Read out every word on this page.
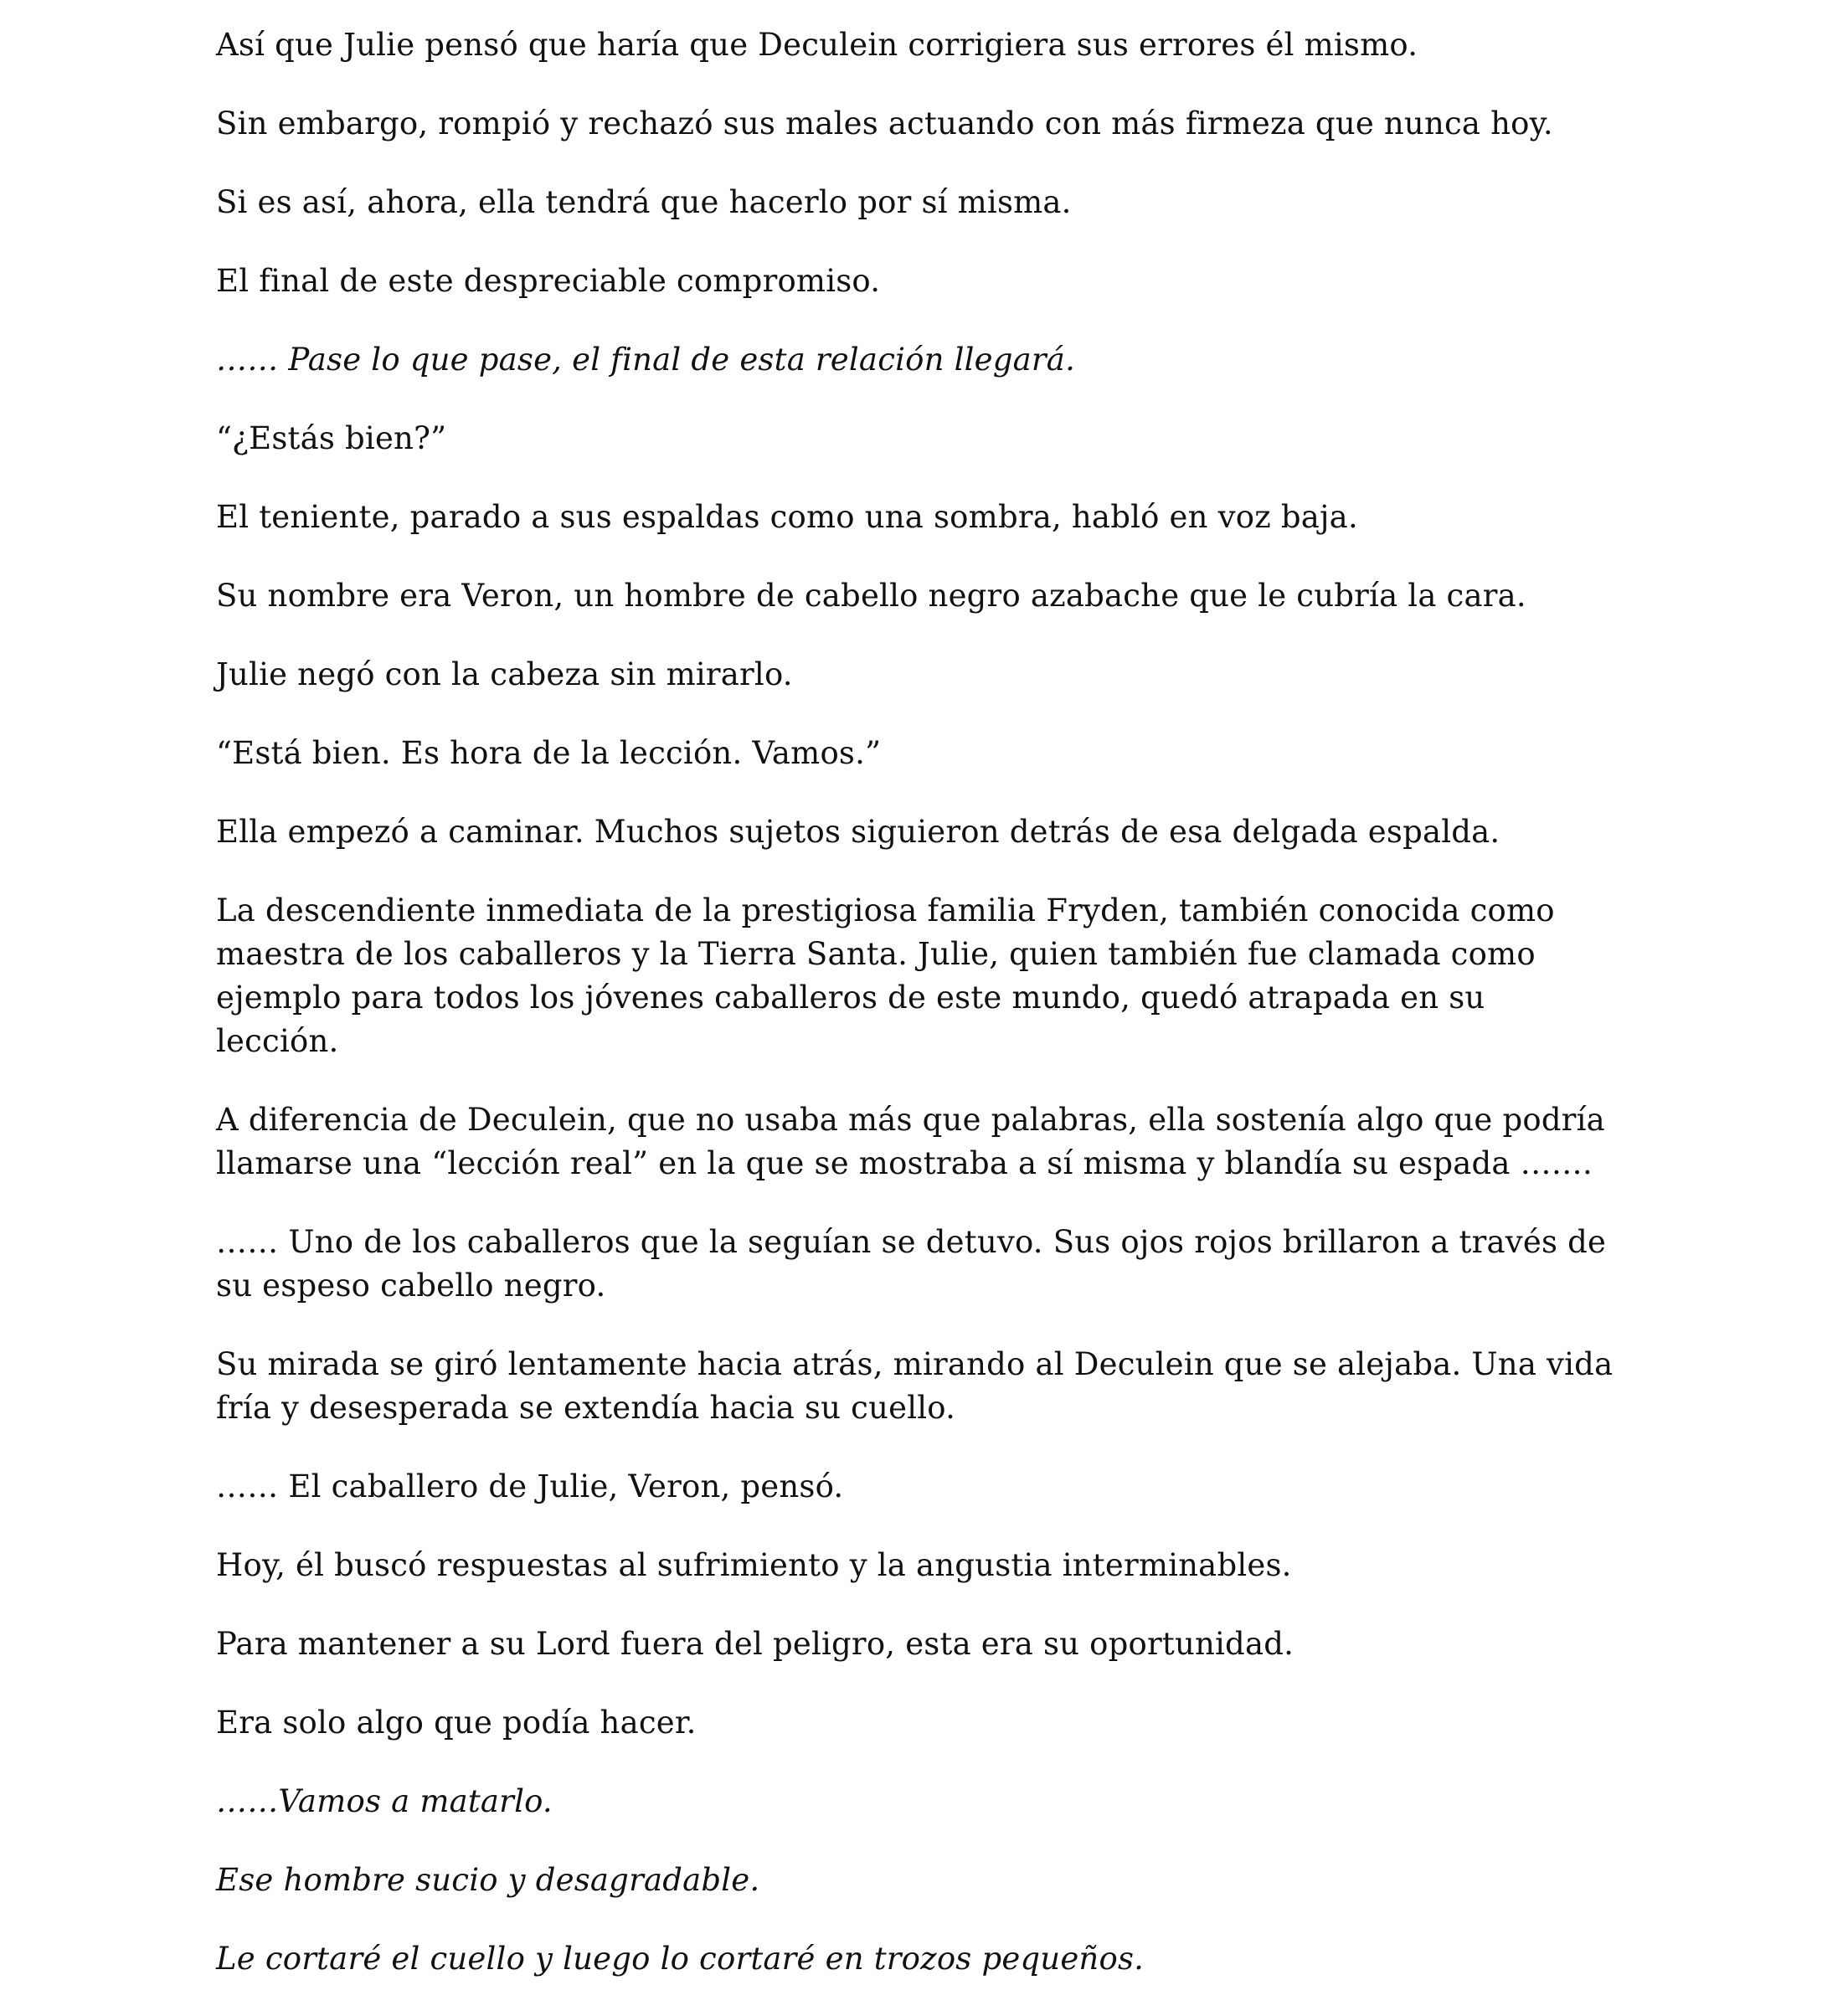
Así que Julie pensó que haría que Deculein corrigiera sus errores él mismo.

Sin embargo, rompió y rechazó sus males actuando con más firmeza que nunca hoy.

Si es así, ahora, ella tendrá que hacerlo por sí misma.

El final de este despreciable compromiso.

…… Pase lo que pase, el final de esta relación llegará.

“¿Estás bien?”

El teniente, parado a sus espaldas como una sombra, habló en voz baja.

Su nombre era Veron, un hombre de cabello negro azabache que le cubría la cara.

Julie negó con la cabeza sin mirarlo.

“Está bien. Es hora de la lección. Vamos.”

Ella empezó a caminar. Muchos sujetos siguieron detrás de esa delgada espalda.

La descendiente inmediata de la prestigiosa familia Fryden, también conocida como maestra de los caballeros y la Tierra Santa. Julie, quien también fue clamada como ejemplo para todos los jóvenes caballeros de este mundo, quedó atrapada en su lección.

A diferencia de Deculein, que no usaba más que palabras, ella sostenía algo que podría llamarse una “lección real” en la que se mostraba a sí misma y blandía su espada …….

…… Uno de los caballeros que la seguían se detuvo. Sus ojos rojos brillaron a través de su espeso cabello negro.

Su mirada se giró lentamente hacia atrás, mirando al Deculein que se alejaba. Una vida fría y desesperada se extendía hacia su cuello.

…… El caballero de Julie, Veron, pensó.

Hoy, él buscó respuestas al sufrimiento y la angustia interminables.

Para mantener a su Lord fuera del peligro, esta era su oportunidad.

Era solo algo que podía hacer.

……Vamos a matarlo.

Ese hombre sucio y desagradable.

Le cortaré el cuello y luego lo cortaré en trozos pequeños.
